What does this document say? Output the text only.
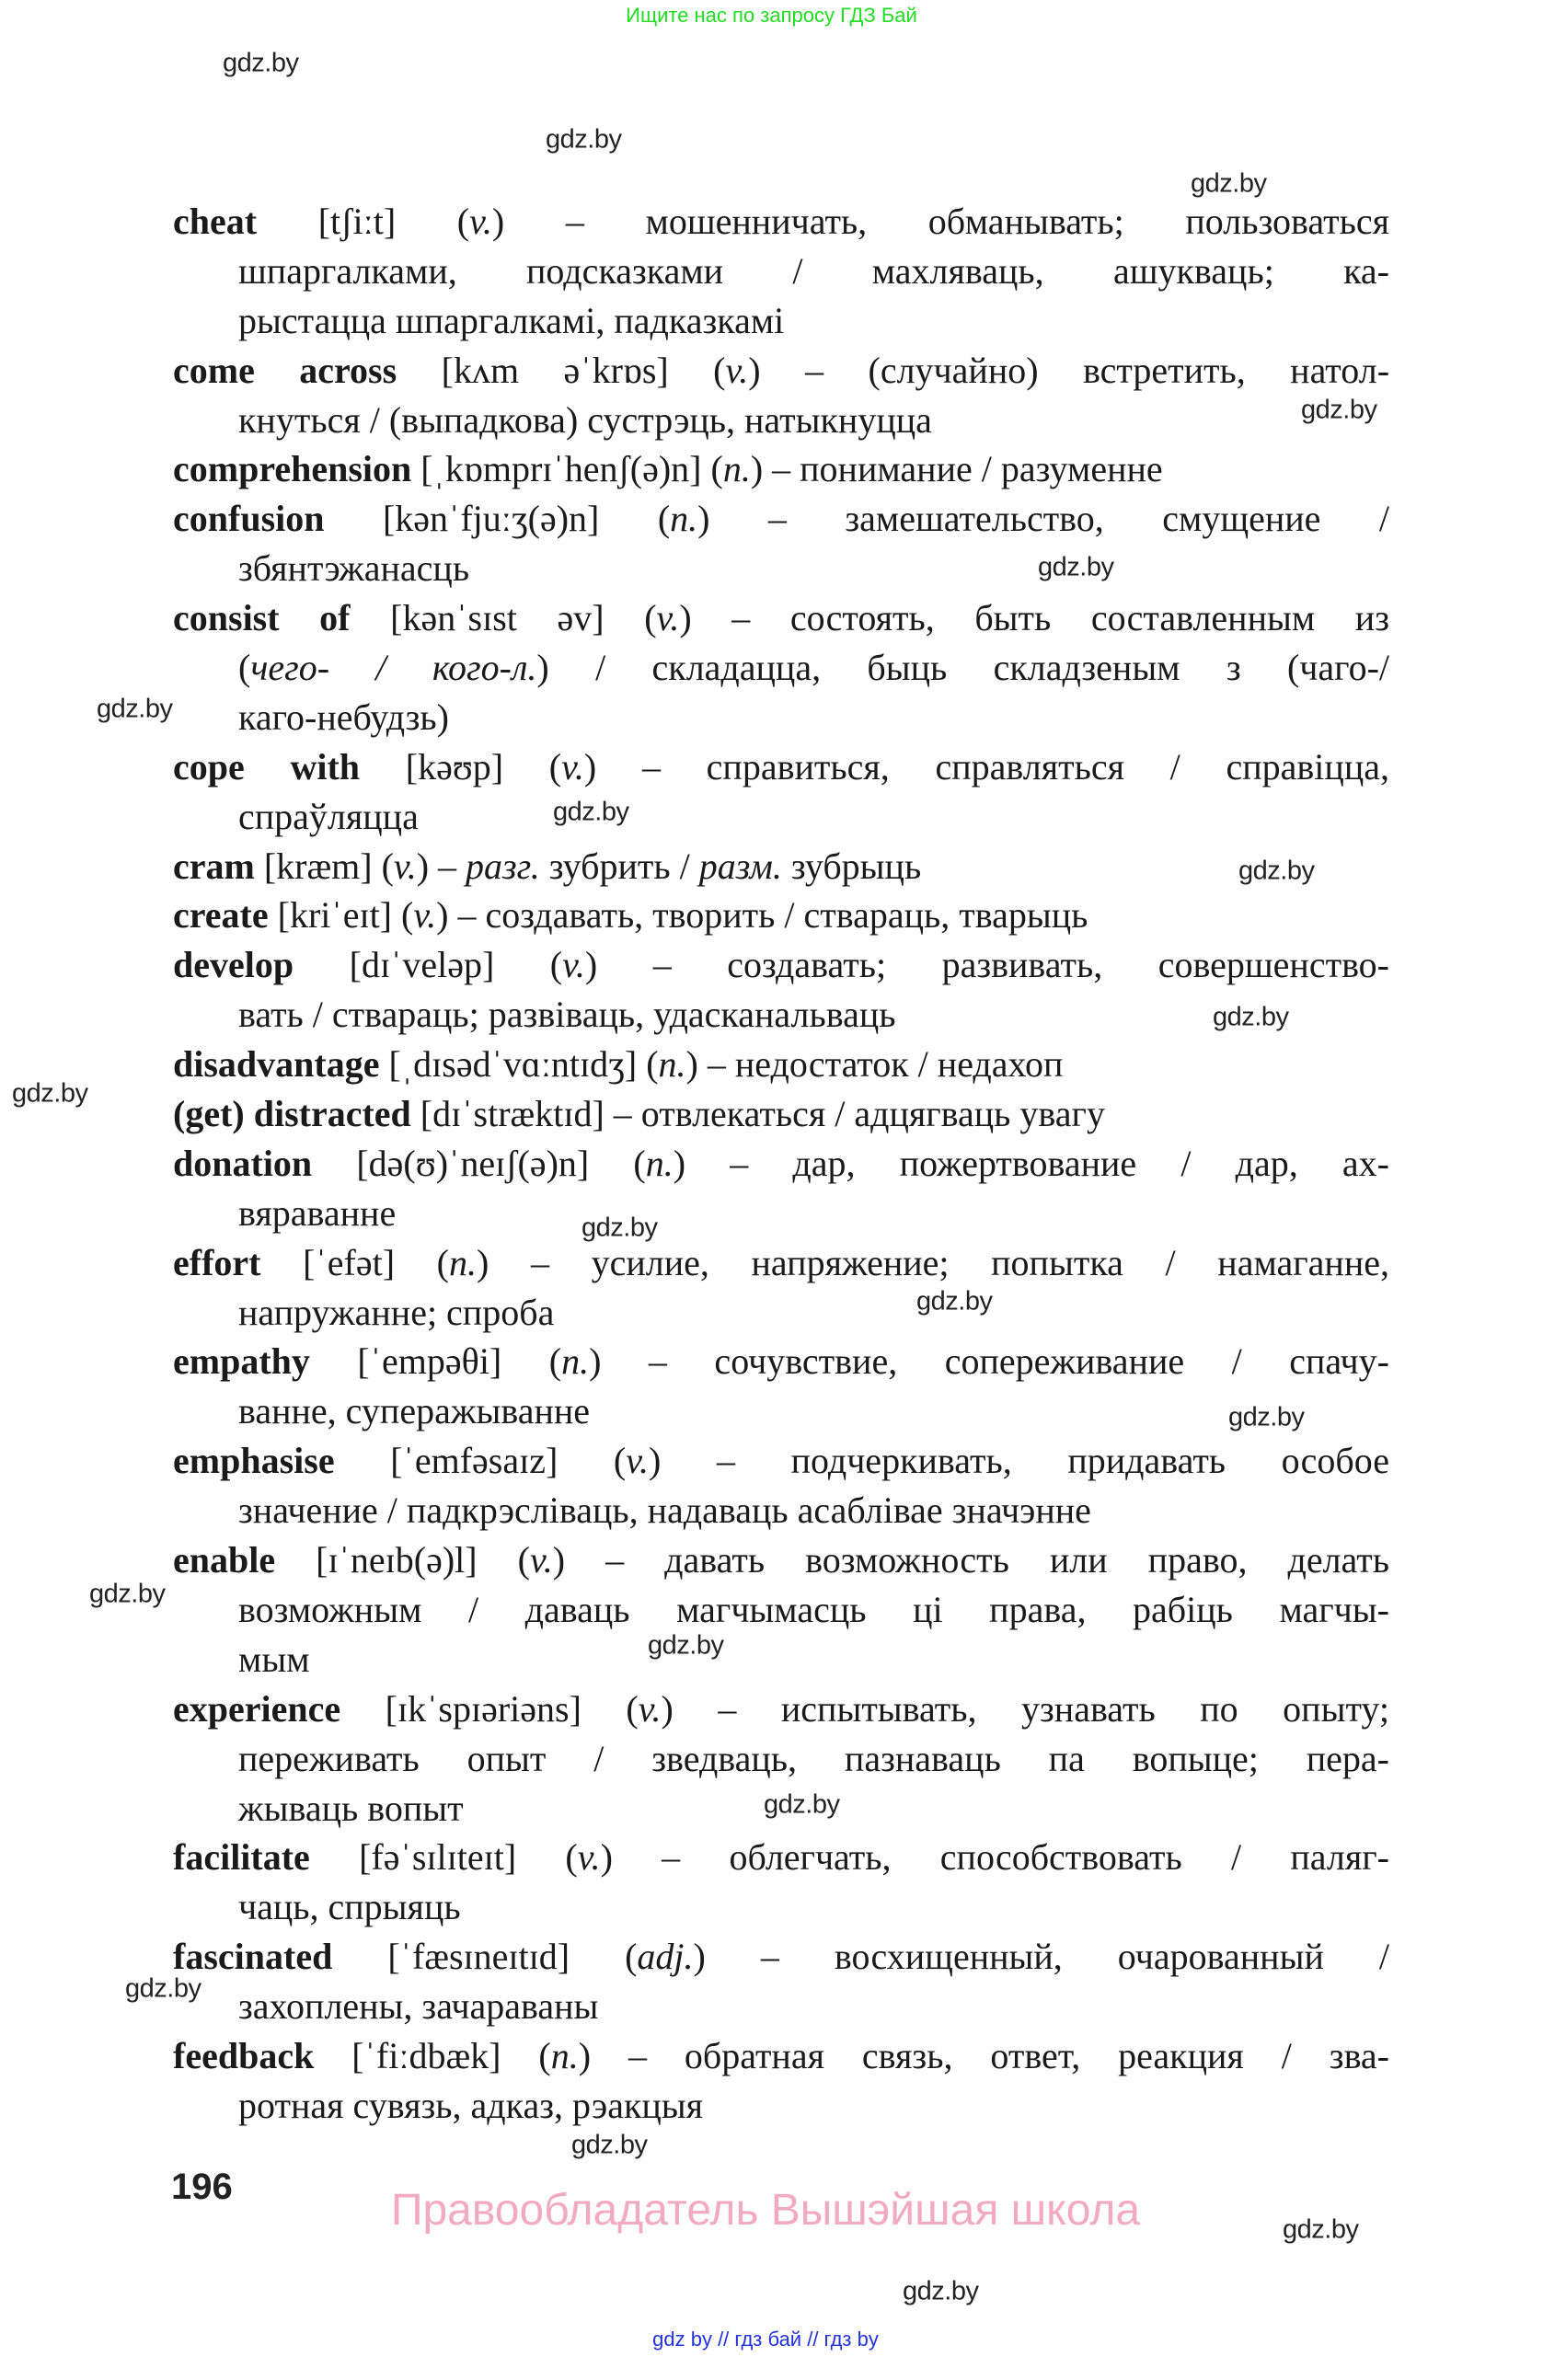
Ищите нас по запросу ГДЗ Бай
cheat [tʃiːt] (v.) – мошенничать, обманывать; пользоваться
шпаргалками, подсказками / махляваць, ашукваць; ка-
рыстацца шпаргалкамі, падказкамі
come across [kʌm əˈkrɒs] (v.) – (случайно) встретить, натол-
кнуться / (выпадкова) сустрэць, натыкнуцца
comprehension [ˌkɒmprɪˈhenʃ(ə)n] (n.) – понимание / разуменне
confusion [kənˈfjuːʒ(ə)n] (n.) – замешательство, смущение /
збянтэжанасць
consist of [kənˈsɪst əv] (v.) – состоять, быть составленным из
(чего- / кого-л.) / складацца, быць складзеным з (чаго-/
каго-небудзь)
cope with [kəʊp] (v.) – справиться, справляться / справіцца,
спраўляцца
cram [kræm] (v.) – разг. зубрить / разм. зубрыць
create [kriˈeɪt] (v.) – создавать, творить / ствараць, тварыць
develop [dɪˈveləp] (v.) – создавать; развивать, совершенство-
вать / ствараць; развіваць, удасканальваць
disadvantage [ˌdɪsədˈvɑːntɪdʒ] (n.) – недостаток / недахоп
(get) distracted [dɪˈstræktɪd] – отвлекаться / адцягваць увагу
donation [də(ʊ)ˈneɪʃ(ə)n] (n.) – дар, пожертвование / дар, ах-
вяраванне
effort [ˈefət] (n.) – усилие, напряжение; попытка / намаганне,
напружанне; спроба
empathy [ˈempəθi] (n.) – сочувствие, сопереживание / спачу-
ванне, суперажыванне
emphasise [ˈemfəsaɪz] (v.) – подчеркивать, придавать особое
значение / падкрэсліваць, надаваць асаблівае значэнне
enable [ɪˈneɪb(ə)l] (v.) – давать возможность или право, делать
возможным / даваць магчымасць ці права, рабіць магчы-
мым
experience [ɪkˈspɪəriəns] (v.) – испытывать, узнавать по опыту;
переживать опыт / зведваць, пазнаваць па вопыце; пера-
жываць вопыт
facilitate [fəˈsɪlɪteɪt] (v.) – облегчать, способствовать / паляг-
чаць, спрыяць
fascinated [ˈfæsɪneɪtɪd] (adj.) – восхищенный, очарованный /
захоплены, зачараваны
feedback [ˈfiːdbæk] (n.) – обратная связь, ответ, реакция / зва-
ротная сувязь, адказ, рэакцыя
gdz.by
gdz.by
gdz.by
gdz.by
gdz.by
gdz.by
gdz.by
gdz.by
gdz.by
gdz.by
gdz.by
gdz.by
gdz.by
gdz.by
gdz.by
gdz.by
gdz.by
gdz.by
gdz.by
gdz.by
196	Правообладатель Вышэйшая школа
gdz by // гдз бай // гдз by
